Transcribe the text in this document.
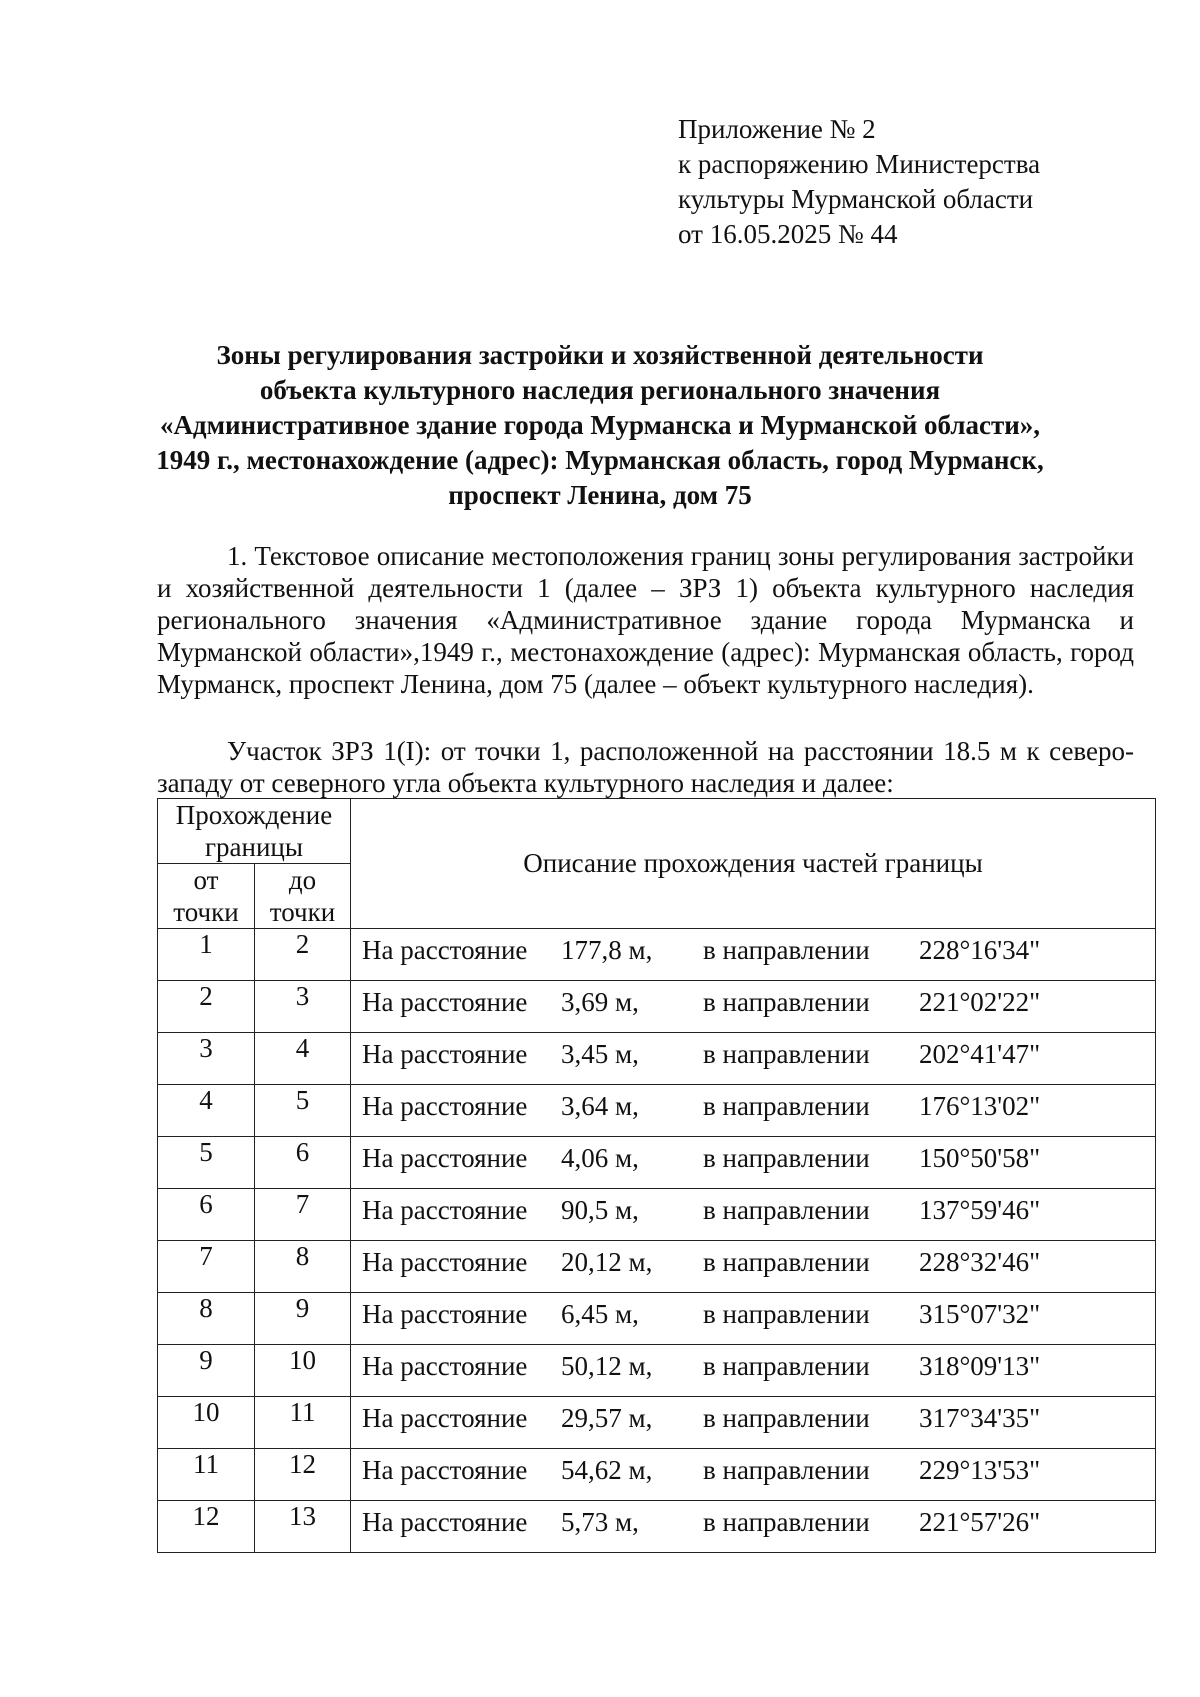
Приложение № 2
к распоряжению Министерства
культуры Мурманской области
от 16.05.2025 № 44
Зоны регулирования застройки и хозяйственной деятельности
объекта культурного наследия регионального значения
«Административное здание города Мурманска и Мурманской области»,
1949 г., местонахождение (адрес): Мурманская область, город Мурманск,
проспект Ленина, дом 75
1. Текстовое описание местоположения границ зоны регулирования застройки и хозяйственной деятельности 1 (далее – ЗРЗ 1) объекта культурного наследия регионального значения «Административное здание города Мурманска и Мурманской области»,1949 г., местонахождение (адрес): Мурманская область, город Мурманск, проспект Ленина, дом 75 (далее – объект культурного наследия).
Участок ЗРЗ 1(I): от точки 1, расположенной на расстоянии 18.5 м к северо-западу от северного угла объекта культурного наследия и далее:
Прохождение границы		Описание прохождения частей границы
от точки	до точки	
1	2	На расстояние 177,8 м, в направлении 228°16'34"

2	3	На расстояние 3,69 м, в направлении 221°02'22"

3	4	На расстояние 3,45 м, в направлении 202°41'47"

4	5	На расстояние 3,64 м, в направлении 176°13'02"

5	6	На расстояние 4,06 м, в направлении 150°50'58"

6	7	На расстояние 90,5 м, в направлении 137°59'46"

7	8	На расстояние 20,12 м, в направлении 228°32'46"

8	9	На расстояние 6,45 м, в направлении 315°07'32"

9	10	На расстояние 50,12 м, в направлении 318°09'13"

10	11	На расстояние 29,57 м, в направлении 317°34'35"

11	12	На расстояние 54,62 м, в направлении 229°13'53"

12	13	На расстояние 5,73 м, в направлении 221°57'26"
